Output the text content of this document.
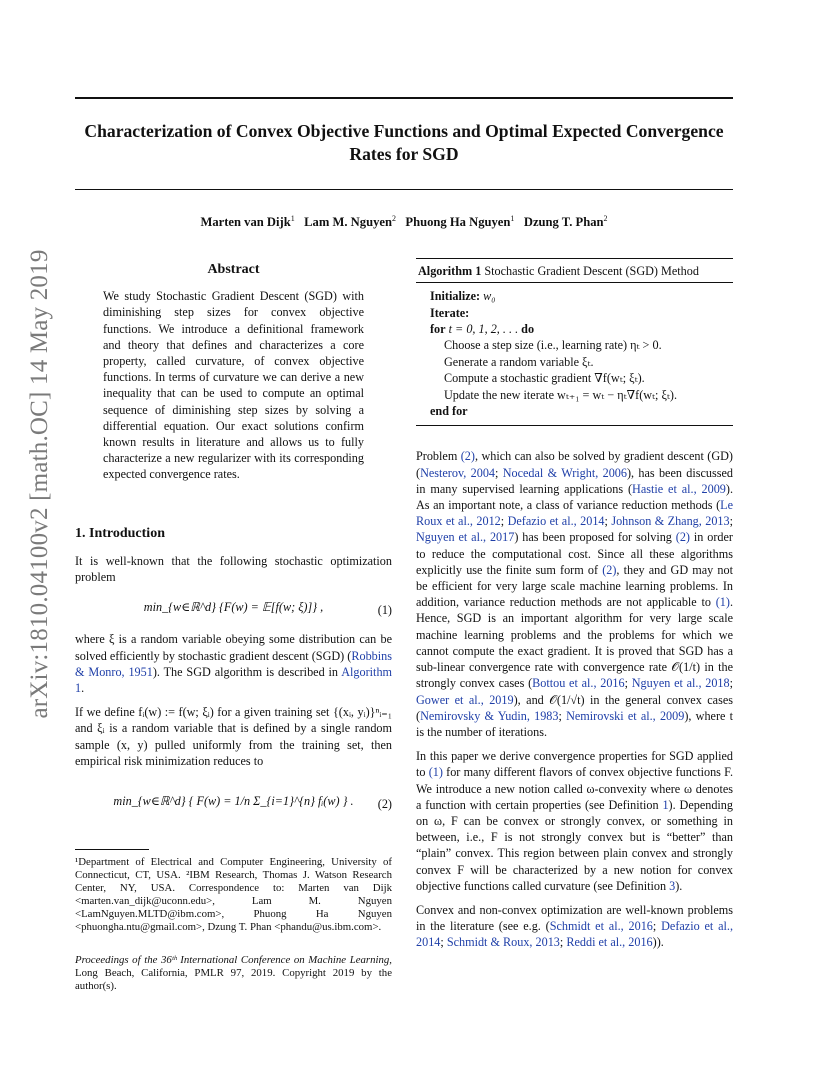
Characterization of Convex Objective Functions and Optimal Expected Convergence Rates for SGD
Marten van Dijk$^1$ Lam M. Nguyen$^2$ Phuong Ha Nguyen$^1$ Dzung T. Phan$^2$
arXiv:1810.04100v2 [math.OC] 14 May 2019	Abstract
We study Stochastic Gradient Descent (SGD) with diminishing step sizes for convex objective functions. We introduce a definitional framework and theory that defines and characterizes a core property, called curvature, of convex objective functions. In terms of curvature we can derive a new inequality that can be used to compute an optimal sequence of diminishing step sizes by solving a differential equation. Our exact solutions confirm known results in literature and allows us to fully characterize a new regularizer with its corresponding expected convergence rates.
1. Introduction

It is well-known that the following stochastic optimization problem

min_{w∈ℝ^d} {F(w) = 𝔼[f(w; ξ)]} ,	(1)

where ξ is a random variable obeying some distribution can be solved efficiently by stochastic gradient descent (SGD) (Robbins & Monro, 1951). The SGD algorithm is described in Algorithm 1.

If we define fᵢ(w) := f(w; ξᵢ) for a given training set {(xᵢ, yᵢ)}ⁿᵢ₌₁ and ξᵢ is a random variable that is defined by a single random sample (x, y) pulled uniformly from the training set, then empirical risk minimization reduces to

min_{w∈ℝ^d} { F(w) = 1/n Σ_{i=1}^{n} fᵢ(w) } .	(2)
¹Department of Electrical and Computer Engineering, University of Connecticut, CT, USA. ²IBM Research, Thomas J. Watson Research Center, NY, USA. Correspondence to: Marten van Dijk <marten.van_dijk@uconn.edu>, Lam M. Nguyen <LamNguyen.MLTD@ibm.com>, Phuong Ha Nguyen <phuongha.ntu@gmail.com>, Dzung T. Phan <phandu@us.ibm.com>.
Proceedings of the 36ᵗʰ International Conference on Machine Learning, Long Beach, California, PMLR 97, 2019. Copyright 2019 by the author(s).
Algorithm 1 Stochastic Gradient Descent (SGD) Method
Initialize: w₀
Iterate:
for t = 0, 1, 2, . . . do
Choose a step size (i.e., learning rate) ηₜ > 0.
Generate a random variable ξₜ.
Compute a stochastic gradient ∇f(wₜ; ξₜ).
Update the new iterate wₜ₊₁ = wₜ − ηₜ∇f(wₜ; ξₜ).
end for

Problem (2), which can also be solved by gradient descent (GD) (Nesterov, 2004; Nocedal & Wright, 2006), has been discussed in many supervised learning applications (Hastie et al., 2009). As an important note, a class of variance reduction methods (Le Roux et al., 2012; Defazio et al., 2014; Johnson & Zhang, 2013; Nguyen et al., 2017) has been proposed for solving (2) in order to reduce the computational cost. Since all these algorithms explicitly use the finite sum form of (2), they and GD may not be efficient for very large scale machine learning problems. In addition, variance reduction methods are not applicable to (1). Hence, SGD is an important algorithm for very large scale machine learning problems and the problems for which we cannot compute the exact gradient. It is proved that SGD has a sub-linear convergence rate with convergence rate 𝒪(1/t) in the strongly convex cases (Bottou et al., 2016; Nguyen et al., 2018; Gower et al., 2019), and 𝒪(1/√t) in the general convex cases (Nemirovsky & Yudin, 1983; Nemirovski et al., 2009), where t is the number of iterations.

In this paper we derive convergence properties for SGD applied to (1) for many different flavors of convex objective functions F. We introduce a new notion called ω-convexity where ω denotes a function with certain properties (see Definition 1). Depending on ω, F can be convex or strongly convex, or something in between, i.e., F is not strongly convex but is “better” than “plain” convex. This region between plain convex and strongly convex F will be characterized by a new notion for convex objective functions called curvature (see Definition 3).

Convex and non-convex optimization are well-known problems in the literature (see e.g. (Schmidt et al., 2016; Defazio et al., 2014; Schmidt & Roux, 2013; Reddi et al., 2016)).
